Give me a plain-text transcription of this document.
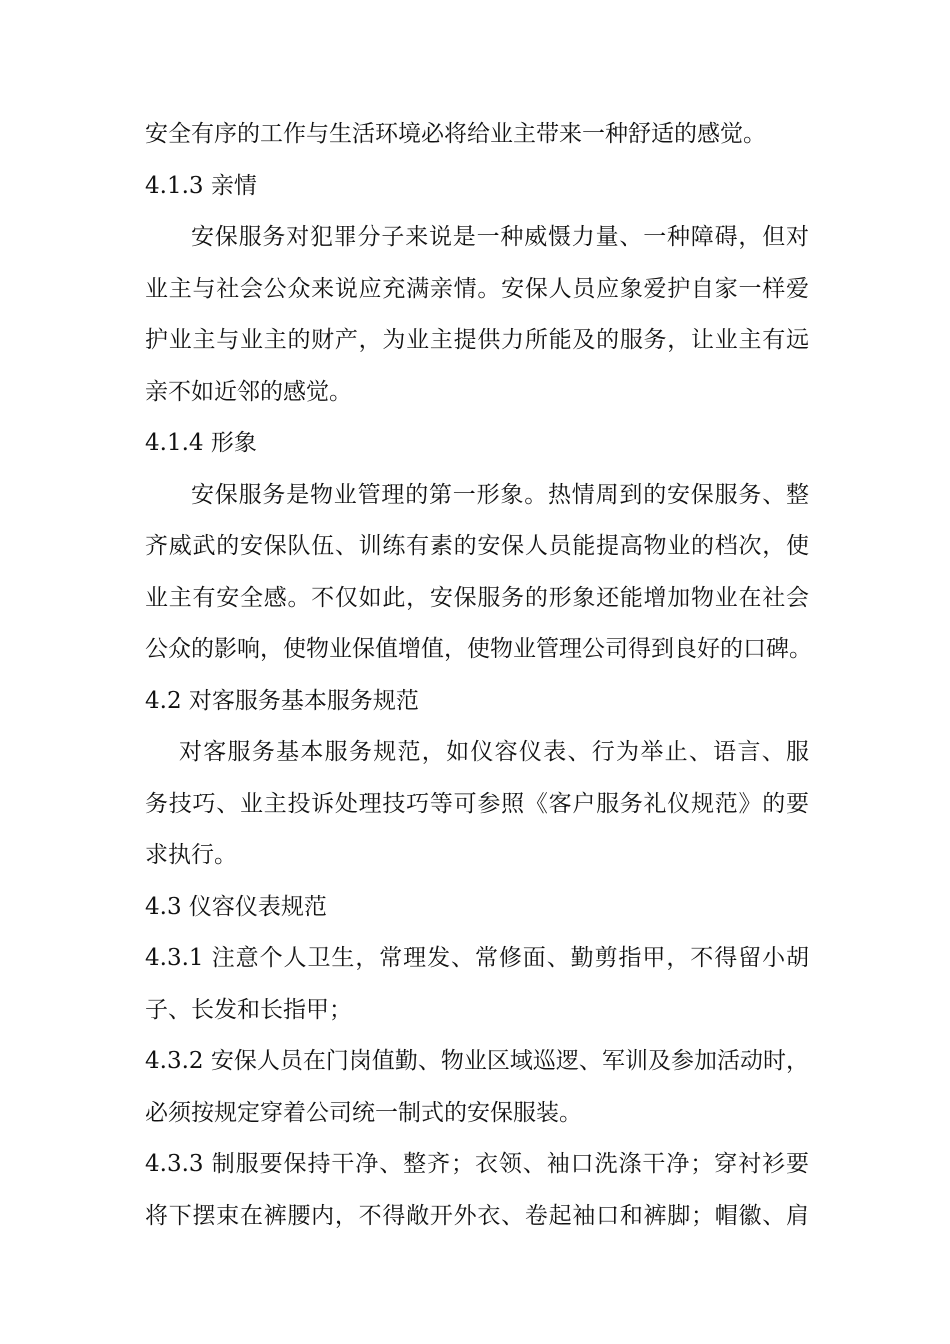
安全有序的工作与生活环境必将给业主带来一种舒适的感觉。
4.1.3 亲情
安保服务对犯罪分子来说是一种威慑力量、一种障碍，但对
业主与社会公众来说应充满亲情。安保人员应象爱护自家一样爱
护业主与业主的财产，为业主提供力所能及的服务，让业主有远
亲不如近邻的感觉。
4.1.4 形象
安保服务是物业管理的第一形象。热情周到的安保服务、整
齐威武的安保队伍、训练有素的安保人员能提高物业的档次，使
业主有安全感。不仅如此，安保服务的形象还能增加物业在社会
公众的影响，使物业保值增值，使物业管理公司得到良好的口碑。
4.2 对客服务基本服务规范
对客服务基本服务规范，如仪容仪表、行为举止、语言、服
务技巧、业主投诉处理技巧等可参照《客户服务礼仪规范》的要
求执行。
4.3 仪容仪表规范
4.3.1 注意个人卫生，常理发、常修面、勤剪指甲，不得留小胡
子、长发和长指甲；
4.3.2 安保人员在门岗值勤、物业区域巡逻、军训及参加活动时，
必须按规定穿着公司统一制式的安保服装。
4.3.3 制服要保持干净、整齐；衣领、袖口洗涤干净；穿衬衫要
将下摆束在裤腰内，不得敞开外衣、卷起袖口和裤脚；帽徽、肩
